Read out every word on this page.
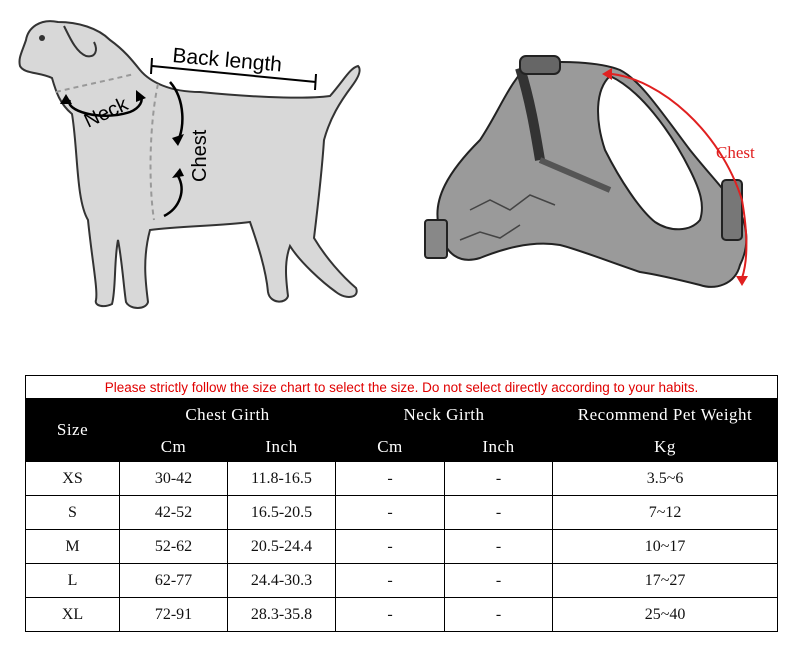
Back length
Neck
Chest	Chest
Please strictly follow the size chart to select the size. Do not select directly according to your habits.					
Size	Chest Girth		Neck Girth		Recommend Pet Weight
	Cm	Inch	Cm	Inch	Kg
XS	30-42	11.8-16.5	-	-	3.5~6
S	42-52	16.5-20.5	-	-	7~12
M	52-62	20.5-24.4	-	-	10~17
L	62-77	24.4-30.3	-	-	17~27
XL	72-91	28.3-35.8	-	-	25~40
